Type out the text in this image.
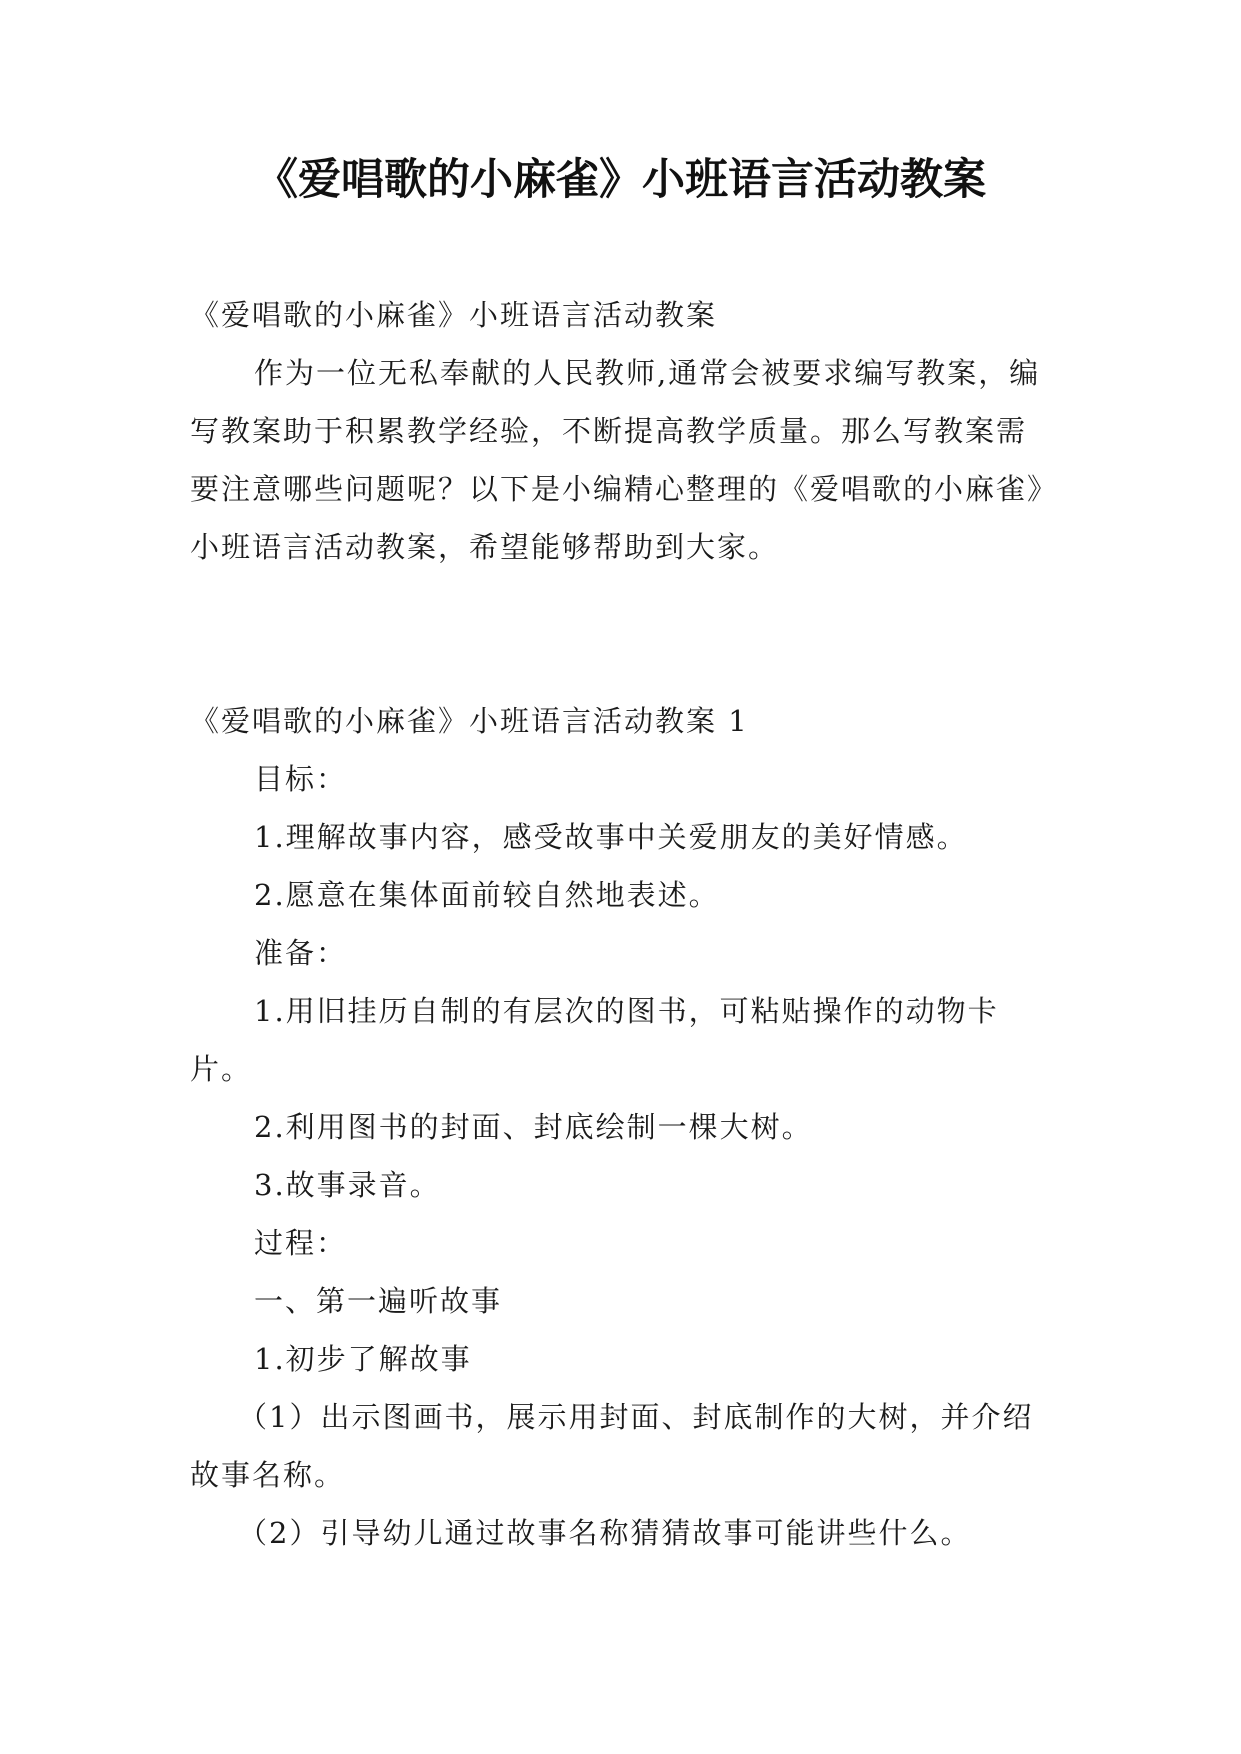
《爱唱歌的小麻雀》小班语言活动教案

《爱唱歌的小麻雀》小班语言活动教案

作为一位无私奉献的人民教师,通常会被要求编写教案，编写教案助于积累教学经验，不断提高教学质量。那么写教案需要注意哪些问题呢？以下是小编精心整理的《爱唱歌的小麻雀》小班语言活动教案，希望能够帮助到大家。

《爱唱歌的小麻雀》小班语言活动教案 1

目标：

1.理解故事内容，感受故事中关爱朋友的美好情感。

2.愿意在集体面前较自然地表述。

准备：

1.用旧挂历自制的有层次的图书，可粘贴操作的动物卡片。

2.利用图书的封面、封底绘制一棵大树。

3.故事录音。

过程：

一、第一遍听故事

1.初步了解故事

（1）出示图画书，展示用封面、封底制作的大树，并介绍故事名称。

（2）引导幼儿通过故事名称猜猜故事可能讲些什么。
